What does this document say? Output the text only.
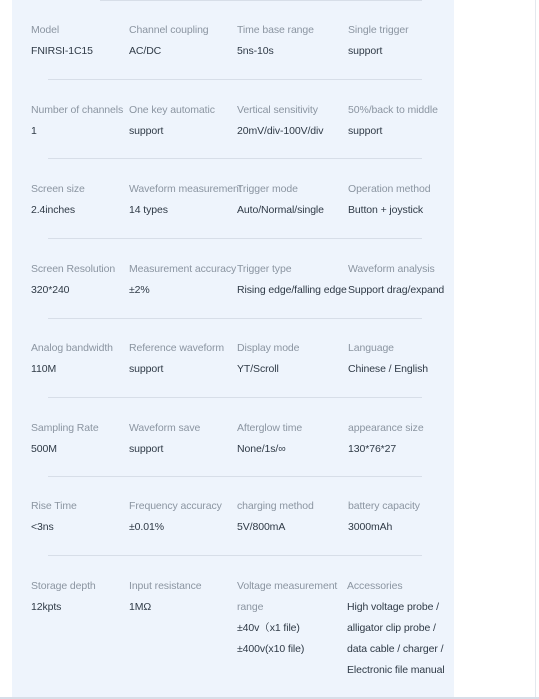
Model
FNIRSI-1C15
Channel coupling
AC/DC
Time base range
5ns-10s
Single trigger
support
Number of channels
1
One key automatic
support
Vertical sensitivity
20mV/div-100V/div
50%/back to middle
support
Screen size
2.4inches
Waveform measurement
14 types
Trigger mode
Auto/Normal/single
Operation method
Button + joystick
Screen Resolution
320*240
Measurement accuracy
±2%
Trigger type
Rising edge/falling edge
Waveform analysis
Support drag/expand
Analog bandwidth
110M
Reference waveform
support
Display mode
YT/Scroll
Language
Chinese / English
Sampling Rate
500M
Waveform save
support
Afterglow time
None/1s/∞
appearance size
130*76*27
Rise Time
<3ns
Frequency accuracy
±0.01%
charging method
5V/800mA
battery capacity
3000mAh
Storage depth
12kpts
Input resistance
1MΩ
Voltage measurement
range
±40v（x1 file)
±400v(x10 file)
Accessories
High voltage probe /
alligator clip probe /
data cable / charger /
Electronic file manual
